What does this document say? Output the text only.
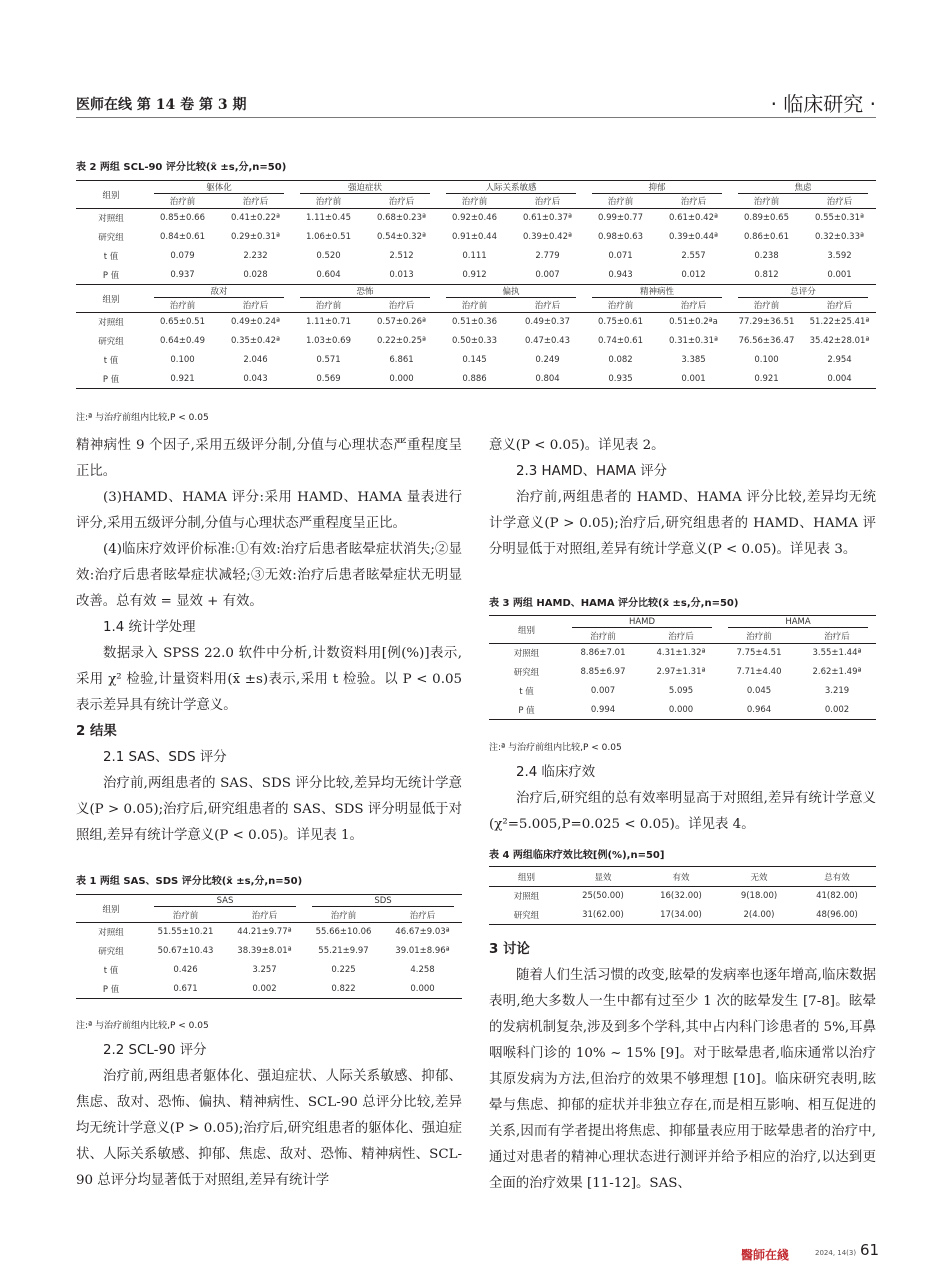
医师在线 第 14 卷 第 3 期	· 临床研究 ·
表 2 两组 SCL-90 评分比较(x̄ ±s,分,n=50)
组别	躯体化		强迫症状		人际关系敏感		抑郁		焦虑	

	治疗前	治疗后	治疗前	治疗后	治疗前	治疗后	治疗前	治疗后	治疗前	治疗后
对照组	0.85±0.66	0.41±0.22ª	1.11±0.45	0.68±0.23ª	0.92±0.46	0.61±0.37ª	0.99±0.77	0.61±0.42ª	0.89±0.65	0.55±0.31ª
研究组	0.84±0.61	0.29±0.31ª	1.06±0.51	0.54±0.32ª	0.91±0.44	0.39±0.42ª	0.98±0.63	0.39±0.44ª	0.86±0.61	0.32±0.33ª
t 值	0.079	2.232	0.520	2.512	0.111	2.779	0.071	2.557	0.238	3.592
P 值	0.937	0.028	0.604	0.013	0.912	0.007	0.943	0.012	0.812	0.001
组别	敌对		恐怖		偏执		精神病性		总评分	

	治疗前	治疗后	治疗前	治疗后	治疗前	治疗后	治疗前	治疗后	治疗前	治疗后
对照组	0.65±0.51	0.49±0.24ª	1.11±0.71	0.57±0.26ª	0.51±0.36	0.49±0.37	0.75±0.61	0.51±0.2ªa	77.29±36.51	51.22±25.41ª
研究组	0.64±0.49	0.35±0.42ª	1.03±0.69	0.22±0.25ª	0.50±0.33	0.47±0.43	0.74±0.61	0.31±0.31ª	76.56±36.47	35.42±28.01ª
t 值	0.100	2.046	0.571	6.861	0.145	0.249	0.082	3.385	0.100	2.954
P 值	0.921	0.043	0.569	0.000	0.886	0.804	0.935	0.001	0.921	0.004
注:ª 与治疗前组内比较,P < 0.05

精神病性 9 个因子,采用五级评分制,分值与心理状态严重程度呈正比。

(3)HAMD、HAMA 评分:采用 HAMD、HAMA 量表进行评分,采用五级评分制,分值与心理状态严重程度呈正比。

(4)临床疗效评价标准:①有效:治疗后患者眩晕症状消失;②显效:治疗后患者眩晕症状减轻;③无效:治疗后患者眩晕症状无明显改善。总有效 = 显效 + 有效。

1.4 统计学处理

数据录入 SPSS 22.0 软件中分析,计数资料用[例(%)]表示,采用 χ² 检验,计量资料用(x̄ ±s)表示,采用 t 检验。以 P < 0.05 表示差异具有统计学意义。

2 结果

2.1 SAS、SDS 评分

治疗前,两组患者的 SAS、SDS 评分比较,差异均无统计学意义(P > 0.05);治疗后,研究组患者的 SAS、SDS 评分明显低于对照组,差异有统计学意义(P < 0.05)。详见表 1。

表 1 两组 SAS、SDS 评分比较(x̄ ±s,分,n=50)
组别	SAS		SDS	

	治疗前	治疗后	治疗前	治疗后
对照组	51.55±10.21	44.21±9.77ª	55.66±10.06	46.67±9.03ª
研究组	50.67±10.43	38.39±8.01ª	55.21±9.97	39.01±8.96ª
t 值	0.426	3.257	0.225	4.258
P 值	0.671	0.002	0.822	0.000
注:ª 与治疗前组内比较,P < 0.05

2.2 SCL-90 评分

治疗前,两组患者躯体化、强迫症状、人际关系敏感、抑郁、焦虑、敌对、恐怖、偏执、精神病性、SCL-90 总评分比较,差异均无统计学意义(P > 0.05);治疗后,研究组患者的躯体化、强迫症状、人际关系敏感、抑郁、焦虑、敌对、恐怖、精神病性、SCL-90 总评分均显著低于对照组,差异有统计学

意义(P < 0.05)。详见表 2。

2.3 HAMD、HAMA 评分

治疗前,两组患者的 HAMD、HAMA 评分比较,差异均无统计学意义(P > 0.05);治疗后,研究组患者的 HAMD、HAMA 评分明显低于对照组,差异有统计学意义(P < 0.05)。详见表 3。

表 3 两组 HAMD、HAMA 评分比较(x̄ ±s,分,n=50)
组别	HAMD		HAMA	

	治疗前	治疗后	治疗前	治疗后
对照组	8.86±7.01	4.31±1.32ª	7.75±4.51	3.55±1.44ª
研究组	8.85±6.97	2.97±1.31ª	7.71±4.40	2.62±1.49ª
t 值	0.007	5.095	0.045	3.219
P 值	0.994	0.000	0.964	0.002
注:ª 与治疗前组内比较,P < 0.05

2.4 临床疗效

治疗后,研究组的总有效率明显高于对照组,差异有统计学意义(χ²=5.005,P=0.025 < 0.05)。详见表 4。

表 4 两组临床疗效比较[例(%),n=50]
组别	显效	有效	无效	总有效
对照组	25(50.00)	16(32.00)	9(18.00)	41(82.00)
研究组	31(62.00)	17(34.00)	2(4.00)	48(96.00)

3 讨论

随着人们生活习惯的改变,眩晕的发病率也逐年增高,临床数据表明,绝大多数人一生中都有过至少 1 次的眩晕发生 [7-8]。眩晕的发病机制复杂,涉及到多个学科,其中占内科门诊患者的 5%,耳鼻咽喉科门诊的 10% ~ 15% [9]。对于眩晕患者,临床通常以治疗其原发病为方法,但治疗的效果不够理想 [10]。临床研究表明,眩晕与焦虑、抑郁的症状并非独立存在,而是相互影响、相互促进的关系,因而有学者提出将焦虑、抑郁量表应用于眩晕患者的治疗中,通过对患者的精神心理状态进行测评并给予相应的治疗,以达到更全面的治疗效果 [11-12]。SAS、

醫師在綫	2024, 14(3) 61
